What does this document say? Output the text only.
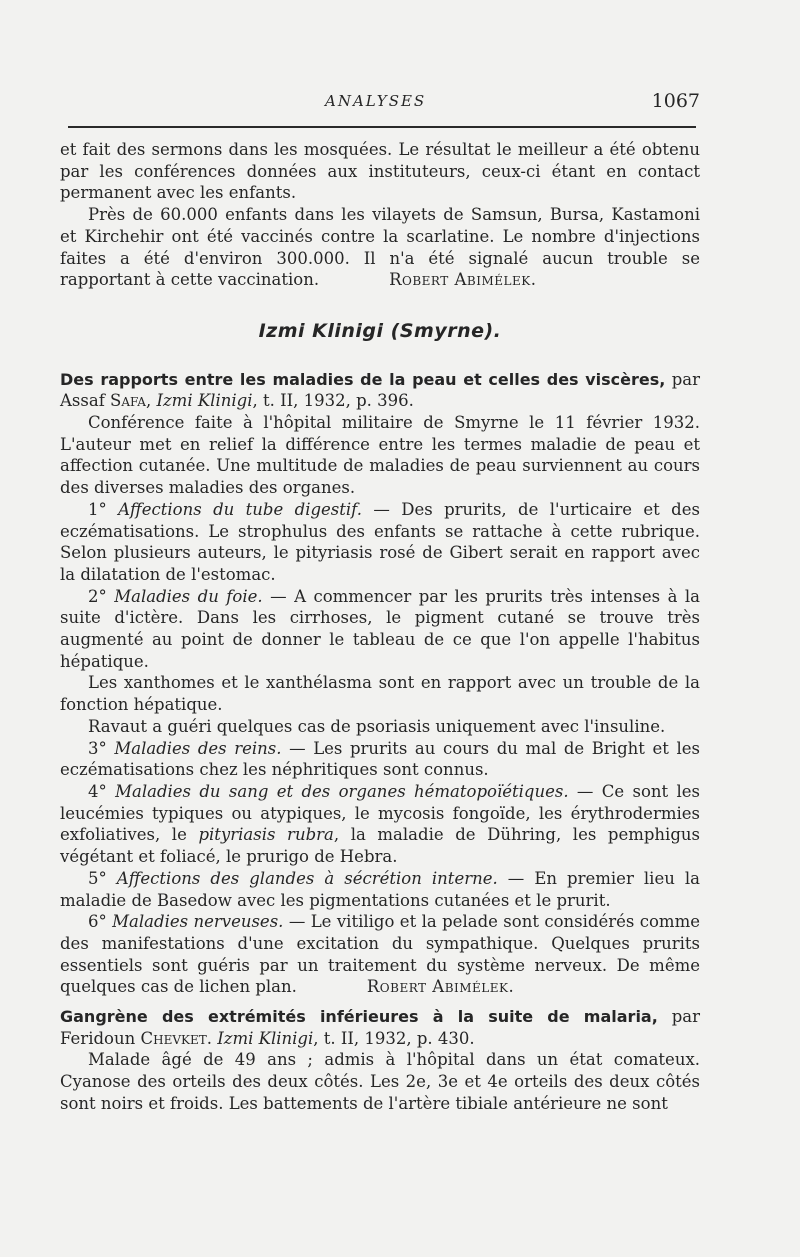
ANALYSES	1067

et fait des sermons dans les mosquées. Le résultat le meilleur a été obtenu par les conférences données aux instituteurs, ceux-ci étant en contact permanent avec les enfants.

Près de 60.000 enfants dans les vilayets de Samsun, Bursa, Kastamoni et Kirchehir ont été vaccinés contre la scarlatine. Le nombre d'injections faites a été d'environ 300.000. Il n'a été signalé aucun trouble se rapportant à cette vaccination.	Robert Abimélek.

Izmi Klinigi (Smyrne).

Des rapports entre les maladies de la peau et celles des viscères, par Assaf Safa, Izmi Klinigi, t. II, 1932, p. 396.

Conférence faite à l'hôpital militaire de Smyrne le 11 février 1932. L'auteur met en relief la différence entre les termes maladie de peau et affection cutanée. Une multitude de maladies de peau surviennent au cours des diverses maladies des organes.

1° Affections du tube digestif. — Des prurits, de l'urticaire et des eczématisations. Le strophulus des enfants se rattache à cette rubrique. Selon plusieurs auteurs, le pityriasis rosé de Gibert serait en rapport avec la dilatation de l'estomac.

2° Maladies du foie. — A commencer par les prurits très intenses à la suite d'ictère. Dans les cirrhoses, le pigment cutané se trouve très augmenté au point de donner le tableau de ce que l'on appelle l'habitus hépatique.

Les xanthomes et le xanthélasma sont en rapport avec un trouble de la fonction hépatique.

Ravaut a guéri quelques cas de psoriasis uniquement avec l'insuline.

3° Maladies des reins. — Les prurits au cours du mal de Bright et les eczématisations chez les néphritiques sont connus.

4° Maladies du sang et des organes hématopoïétiques. — Ce sont les leucémies typiques ou atypiques, le mycosis fongoïde, les érythrodermies exfoliatives, le pityriasis rubra, la maladie de Dühring, les pemphigus végétant et foliacé, le prurigo de Hebra.

5° Affections des glandes à sécrétion interne. — En premier lieu la maladie de Basedow avec les pigmentations cutanées et le prurit.

6° Maladies nerveuses. — Le vitiligo et la pelade sont considérés comme des manifestations d'une excitation du sympathique. Quelques prurits essentiels sont guéris par un traitement du système nerveux. De même quelques cas de lichen plan.	Robert Abimélek.

Gangrène des extrémités inférieures à la suite de malaria, par Feridoun Chevket. Izmi Klinigi, t. II, 1932, p. 430.

Malade âgé de 49 ans ; admis à l'hôpital dans un état comateux. Cyanose des orteils des deux côtés. Les 2e, 3e et 4e orteils des deux côtés sont noirs et froids. Les battements de l'artère tibiale antérieure ne sont
